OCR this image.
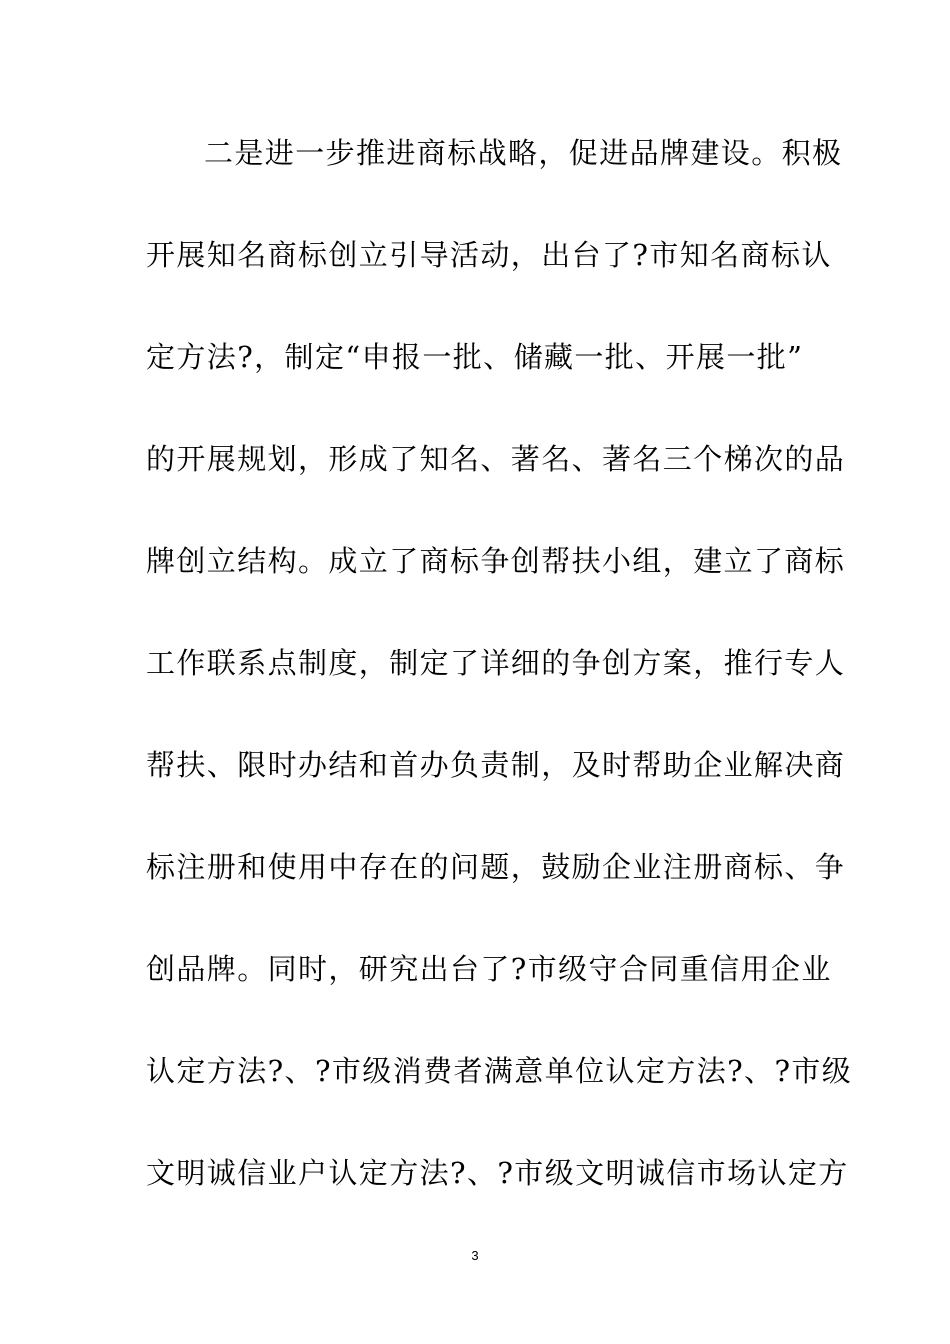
二是进一步推进商标战略，促进品牌建设。积极
开展知名商标创立引导活动，出台了?市知名商标认
定方法?，制定“申报一批、储藏一批、开展一批”
的开展规划，形成了知名、著名、著名三个梯次的品
牌创立结构。成立了商标争创帮扶小组，建立了商标
工作联系点制度，制定了详细的争创方案，推行专人
帮扶、限时办结和首办负责制，及时帮助企业解决商
标注册和使用中存在的问题，鼓励企业注册商标、争
创品牌。同时，研究出台了?市级守合同重信用企业
认定方法?、?市级消费者满意单位认定方法?、?市级
文明诚信业户认定方法?、?市级文明诚信市场认定方
3
